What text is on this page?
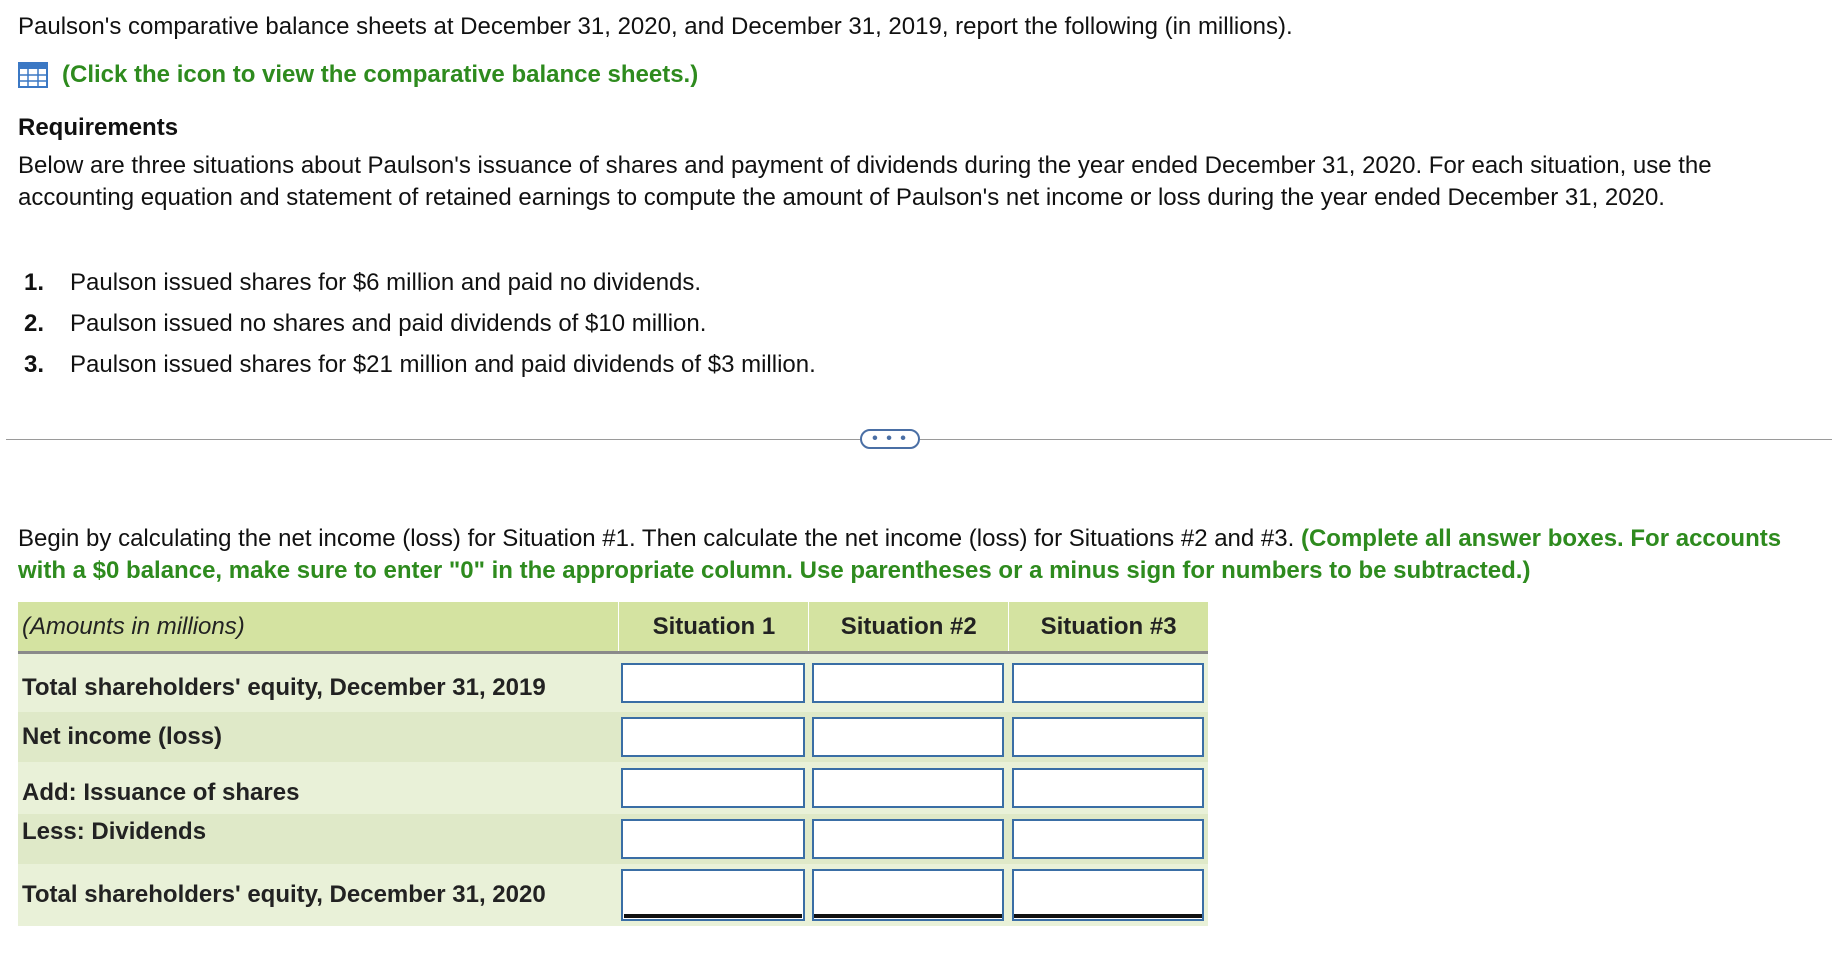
Paulson's comparative balance sheets at December 31, 2020, and December 31, 2019, report the following (in millions).
(Click the icon to view the comparative balance sheets.)
Requirements
Below are three situations about Paulson's issuance of shares and payment of dividends during the year ended December 31, 2020. For each situation, use the accounting equation and statement of retained earnings to compute the amount of Paulson's net income or loss during the year ended December 31, 2020.
1.	Paulson issued shares for $6 million and paid no dividends.
2.	Paulson issued no shares and paid dividends of $10 million.
3.	Paulson issued shares for $21 million and paid dividends of $3 million.
• • •
Begin by calculating the net income (loss) for Situation #1. Then calculate the net income (loss) for Situations #2 and #3. (Complete all answer boxes. For accounts with a $0 balance, make sure to enter "0" in the appropriate column. Use parentheses or a minus sign for numbers to be subtracted.)
(Amounts in millions)	Situation 1	Situation #2	Situation #3
Total shareholders' equity, December 31, 2019
Net income (loss)
Add: Issuance of shares
Less: Dividends
Total shareholders' equity, December 31, 2020
